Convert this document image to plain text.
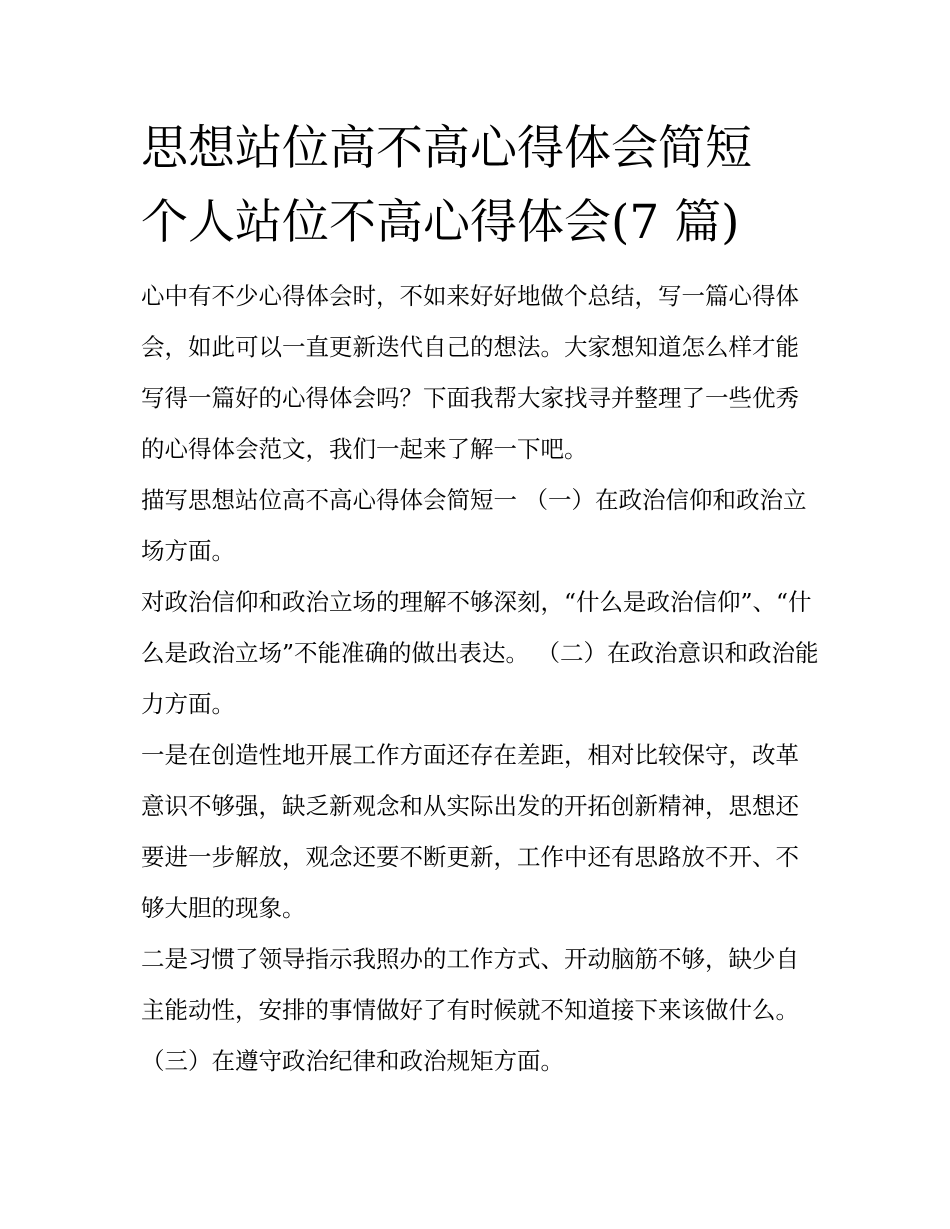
思想站位高不高心得体会简短
个人站位不高心得体会(7 篇)

心中有不少心得体会时，不如来好好地做个总结，写一篇心得体会，如此可以一直更新迭代自己的想法。大家想知道怎么样才能写得一篇好的心得体会吗？下面我帮大家找寻并整理了一些优秀的心得体会范文，我们一起来了解一下吧。

描写思想站位高不高心得体会简短一 （一）在政治信仰和政治立场方面。

对政治信仰和政治立场的理解不够深刻，“什么是政治信仰”、“什么是政治立场”不能准确的做出表达。 （二）在政治意识和政治能力方面。

一是在创造性地开展工作方面还存在差距，相对比较保守，改革意识不够强，缺乏新观念和从实际出发的开拓创新精神，思想还要进一步解放，观念还要不断更新，工作中还有思路放不开、不够大胆的现象。

二是习惯了领导指示我照办的工作方式、开动脑筋不够，缺少自主能动性，安排的事情做好了有时候就不知道接下来该做什么。 （三）在遵守政治纪律和政治规矩方面。
